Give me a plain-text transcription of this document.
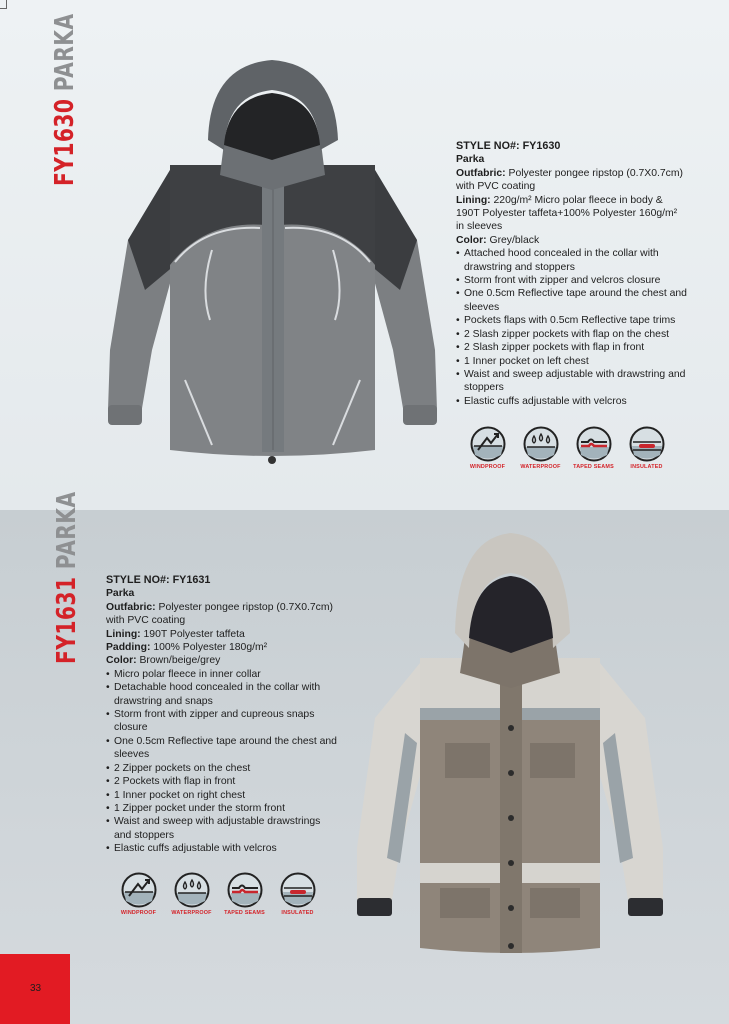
FY1630 PARKA
STYLE NO#: FY1630
Parka
Outfabric: Polyester pongee ripstop (0.7X0.7cm) with PVC coating
Lining: 220g/m² Micro polar fleece in body & 190T Polyester taffeta+100% Polyester 160g/m² in sleeves
Color: Grey/black
• Attached hood concealed in the collar with drawstring and stoppers
• Storm front with zipper and velcros closure
• One 0.5cm Reflective tape around the chest and sleeves
• Pockets flaps with 0.5cm Reflective tape trims
• 2 Slash zipper pockets with flap on the chest
• 2 Slash zipper pockets with flap in front
• 1 Inner pocket on left chest
• Waist and sweep adjustable with drawstring and stoppers
• Elastic cuffs adjustable with velcros
WINDPROOF	WATERPROOF TAPED SEAMS	INSULATED
FY1631 PARKA
STYLE NO#: FY1631
Parka
Outfabric: Polyester pongee ripstop (0.7X0.7cm) with PVC coating
Lining: 190T Polyester taffeta
Padding: 100% Polyester 180g/m²
Color: Brown/beige/grey
• Micro polar fleece in inner collar
• Detachable hood concealed in the collar with drawstring and snaps
• Storm front with zipper and cupreous snaps closure
• One 0.5cm Reflective tape around the chest and sleeves
• 2 Zipper pockets on the chest
• 2 Pockets with flap in front
• 1 Inner pocket on right chest
• 1 Zipper pocket under the storm front
• Waist and sweep with adjustable drawstrings and stoppers
• Elastic cuffs adjustable with velcros
WINDPROOF	WATERPROOF TAPED SEAMS	INSULATED
33
